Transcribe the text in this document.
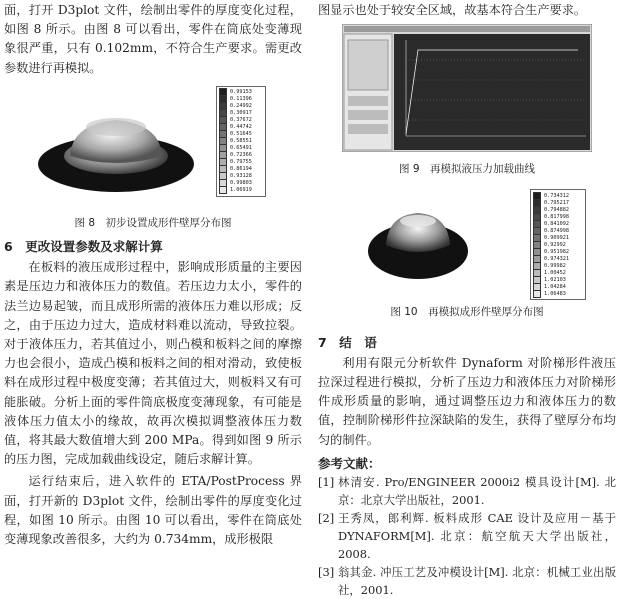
面，打开 D3plot 文件，绘制出零件的厚度变化过程，如图 8 所示。由图 8 可以看出，零件在筒底处变薄现象很严重，只有 0.102mm，不符合生产要求。需更改参数进行再模拟。

0.99153
0.11396
0.24992
0.30917
0.37672
0.44742
0.51645
0.58551
0.65491
0.72366
0.79755
0.86194
0.93128
0.99803
1.06919

图 8　初步设置成形件壁厚分布图

6　更改设置参数及求解计算

在板料的液压成形过程中，影响成形质量的主要因素是压边力和液体压力的数值。若压边力太小，零件的法兰边易起皱，而且成形所需的液体压力难以形成；反之，由于压边力过大，造成材料难以流动，导致拉裂。对于液体压力，若其值过小，则凸模和板料之间的摩擦力也会很小，造成凸模和板料之间的相对滑动，致使板料在成形过程中极度变薄；若其值过大，则板料又有可能胀破。分析上面的零件筒底极度变薄现象，有可能是液体压力值太小的缘故，故再次模拟调整液体压力数值，将其最大数值增大到 200 MPa。得到如图 9 所示的压力图，完成加载曲线设定，随后求解计算。

运行结束后，进入软件的 ETA/PostProcess 界面，打开新的 D3plot 文件，绘制出零件的厚度变化过程，如图 10 所示。由图 10 可以看出，零件在筒底处变薄现象改善很多，大约为 0.734mm，成形极限

图显示也处于较安全区域，故基本符合生产要求。

图 9　再模拟液压力加载曲线

0.734312
0.795217
0.794882
0.817998
0.841092
0.874998
0.909921
0.92992
0.951982
0.974321
0.99982
1.00452
1.02103
1.04284
1.06483

图 10　再模拟成形件壁厚分布图

7　结　语

利用有限元分析软件 Dynaform 对阶梯形件液压拉深过程进行模拟，分析了压边力和液体压力对阶梯形件成形质量的影响，通过调整压边力和液体压力的数值，控制阶梯形件拉深缺陷的发生，获得了壁厚分布均匀的制件。

参考文献：

[1] 林清安. Pro/ENGINEER 2000i2 模具设计[M]. 北京：北京大学出版社，2001.

[2] 王秀凤，郎利辉. 板料成形 CAE 设计及应用－基于 DYNAFORM[M]. 北京：航空航天大学出版社，2008.

[3] 翁其金. 冲压工艺及冲模设计[M]. 北京：机械工业出版社，2001.
